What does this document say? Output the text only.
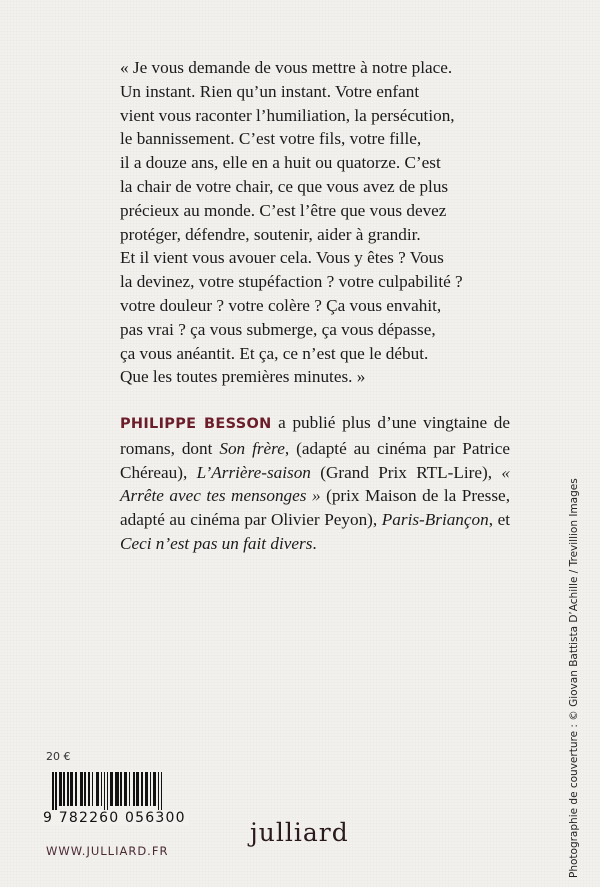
« Je vous demande de vous mettre à notre place.

Un instant. Rien qu’un instant. Votre enfant

vient vous raconter l’humiliation, la persécution,

le bannissement. C’est votre fils, votre fille,

il a douze ans, elle en a huit ou quatorze. C’est

la chair de votre chair, ce que vous avez de plus

précieux au monde. C’est l’être que vous devez

protéger, défendre, soutenir, aider à grandir.

Et il vient vous avouer cela. Vous y êtes ? Vous

la devinez, votre stupéfaction ? votre culpabilité ?

votre douleur ? votre colère ? Ça vous envahit,

pas vrai ? ça vous submerge, ça vous dépasse,

ça vous anéantit. Et ça, ce n’est que le début.

Que les toutes premières minutes. »

PHILIPPE BESSON a publié plus d’une vingtaine de romans, dont Son frère, (adapté au cinéma par Patrice Chéreau), L’Arrière-saison (Grand Prix RTL-Lire), « Arrête avec tes mensonges » (prix Maison de la Presse, adapté au cinéma par Olivier Peyon), Paris-Briançon, et Ceci n’est pas un fait divers.
20 €
9 782260 056300
WWW.JULLIARD.FR
julliard	Photographie de couverture : © Giovan Battista D’Achille / Trevillion Images
